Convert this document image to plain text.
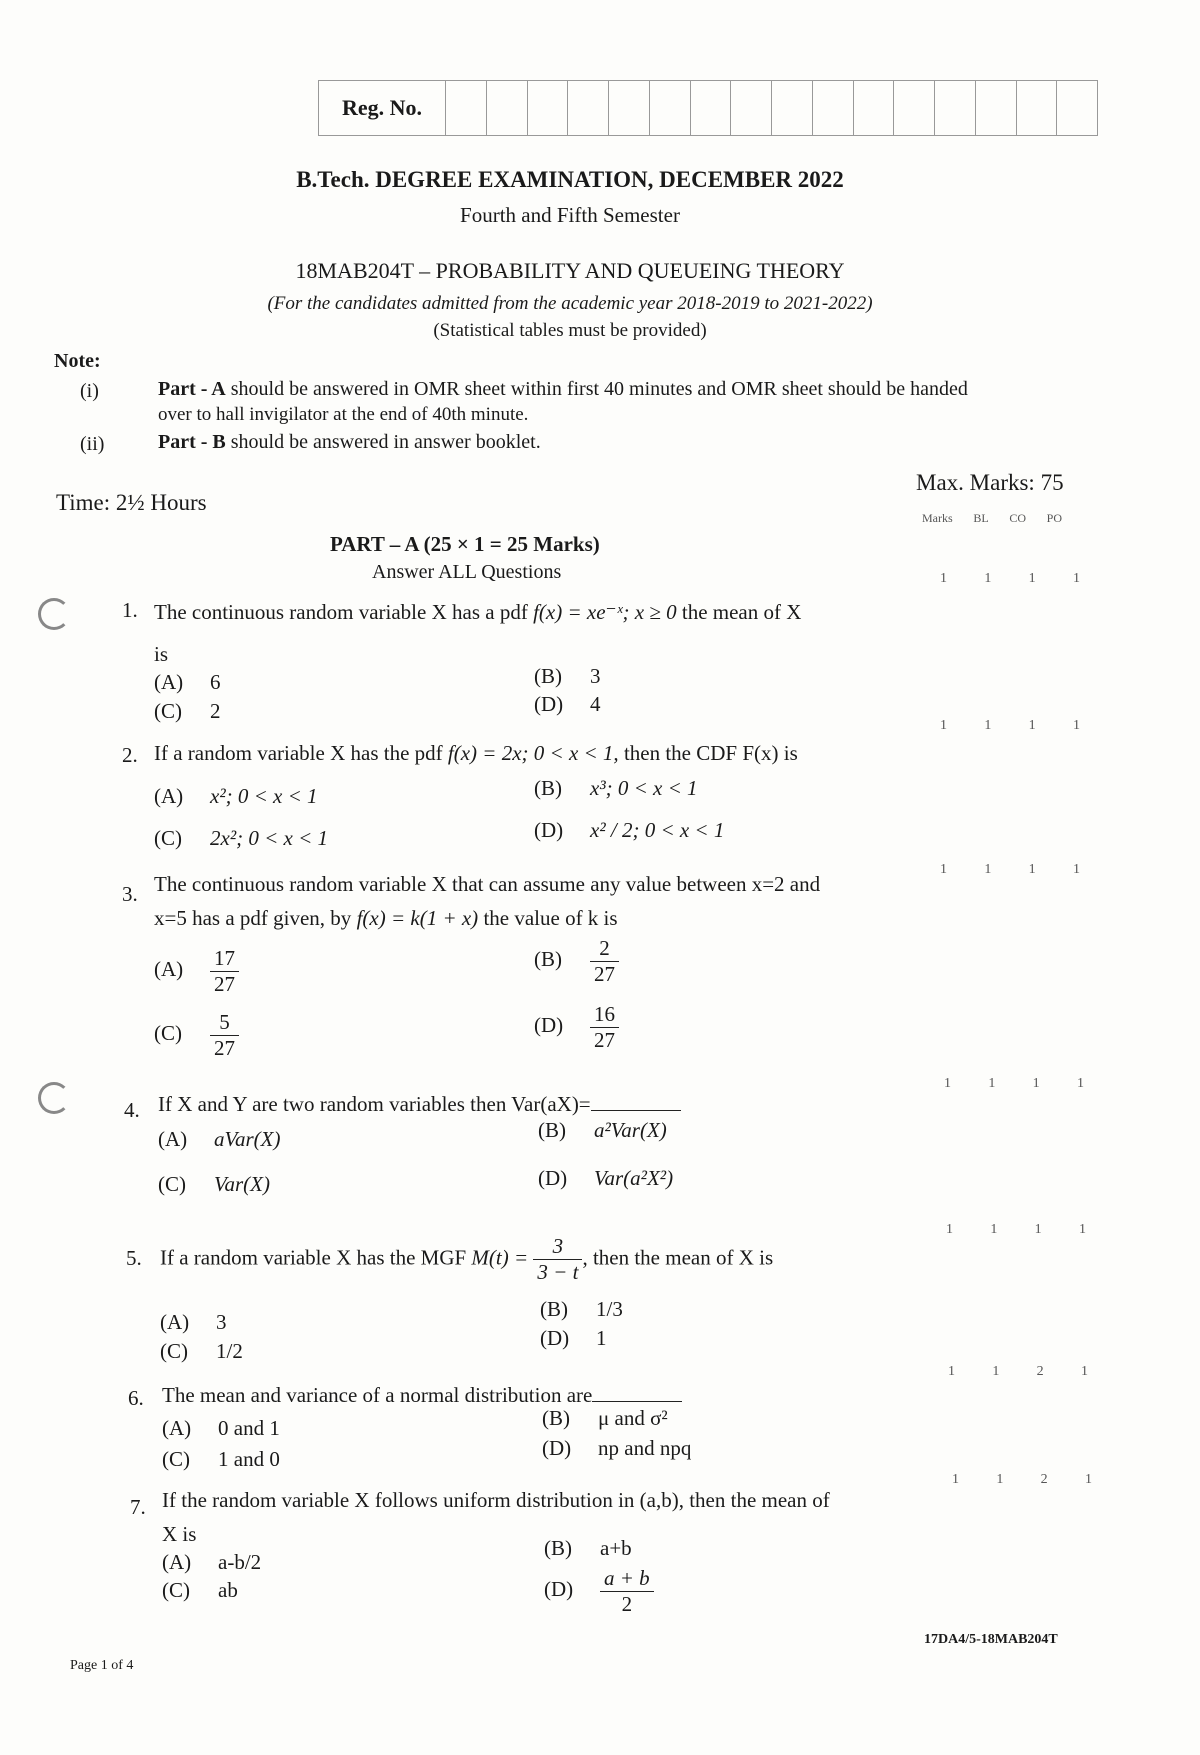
Reg. No.
B.Tech. DEGREE EXAMINATION, DECEMBER 2022
Fourth and Fifth Semester
18MAB204T – PROBABILITY AND QUEUEING THEORY
(For the candidates admitted from the academic year 2018-2019 to 2021-2022)
(Statistical tables must be provided)
Note:
(i)	Part - A should be answered in OMR sheet within first 40 minutes and OMR sheet should be handed
over to hall invigilator at the end of 40th minute.
(ii)	Part - B should be answered in answer booklet.
Time: 2½ Hours
Max. Marks: 75
Marks BL CO PO
PART – A (25 × 1 = 25 Marks)
Answer ALL Questions
1. The continuous random variable X has a pdf f(x) = xe⁻ˣ; x ≥ 0 the mean of X
is
1	1	1	1
(A) 6	(B) 3
(C) 2	(D) 4
2. If a random variable X has the pdf f(x) = 2x; 0 < x < 1, then the CDF F(x) is
1	1	1	1
(A) x²; 0 < x < 1	(B) x³; 0 < x < 1
(C) 2x²; 0 < x < 1	(D) x² / 2; 0 < x < 1
3. The continuous random variable X that can assume any value between x=2 and
x=5 has a pdf given, by f(x) = k(1 + x) the value of k is
1	1	1	1
$(A) \frac{17}{27}$	$(B) \frac{2}{27}$
$(C) \frac{5}{27}$	$(D) \frac{16}{27}$
4. If X and Y are two random variables then Var(aX)=
1	1	1	1
(A) aVar(X)	(B) a²Var(X)
(C) Var(X)	(D) Var(a²X²)
5. If a random variable X has the MGF $M(t) = \frac{3}{3 - t}$ , then the mean of X is
1	1	1	1
(A) 3
(B) 1/3
(C) 1/2
(D) 1
6. The mean and variance of a normal distribution are
1	1	2	1
(A) 0 and 1	(B) μ and σ²
(C) 1 and 0	(D) np and npq
7. If the random variable X follows uniform distribution in (a,b), then the mean of
X is
1	1	2	1
(A) a-b/2
(B) a+b
(C) ab	$(D) \frac{a + b}{2}$
17DA4/5-18MAB204T
Page 1 of 4
